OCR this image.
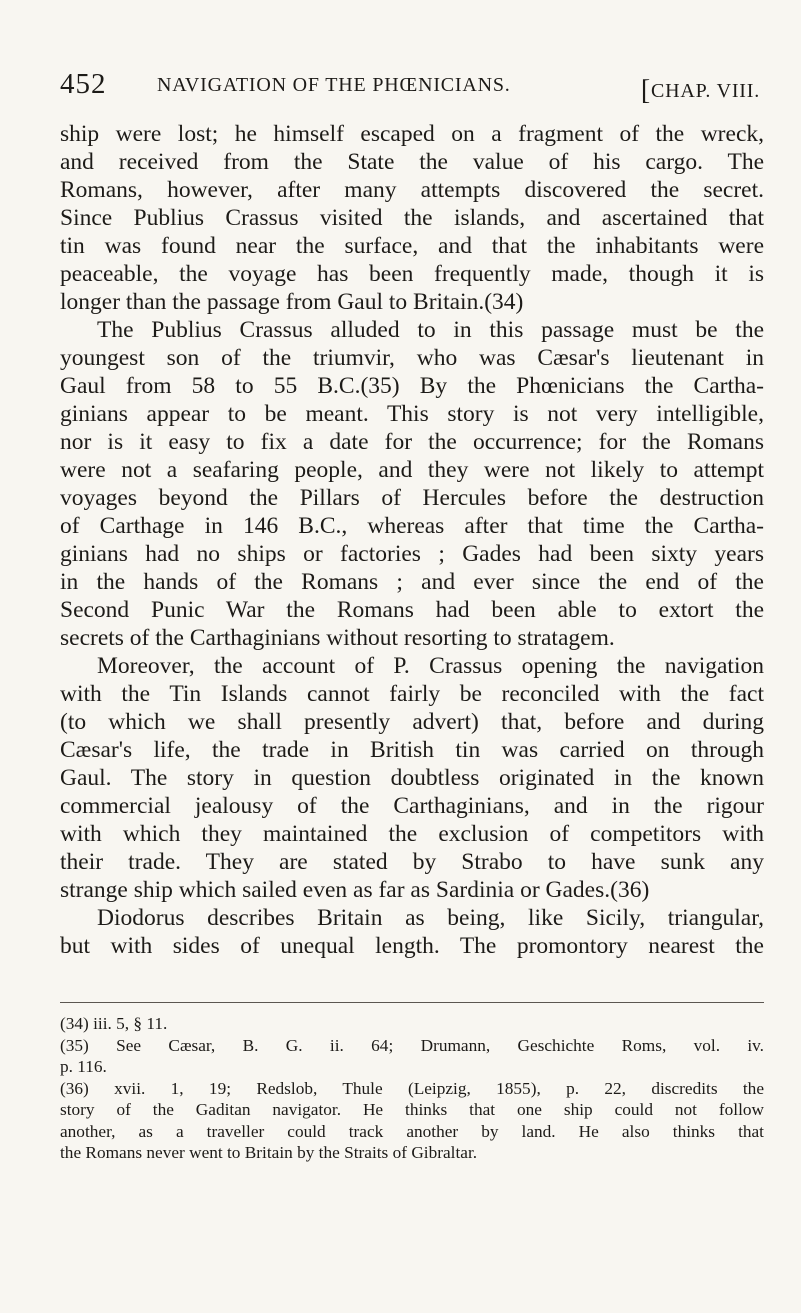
452	NAVIGATION OF THE PHŒNICIANS.	[CHAP. VIII.
ship were lost; he himself escaped on a fragment of the wreck,
and received from the State the value of his cargo. The
Romans, however, after many attempts discovered the secret.
Since Publius Crassus visited the islands, and ascertained that
tin was found near the surface, and that the inhabitants were
peaceable, the voyage has been frequently made, though it is
longer than the passage from Gaul to Britain.(34)
The Publius Crassus alluded to in this passage must be the
youngest son of the triumvir, who was Cæsar's lieutenant in
Gaul from 58 to 55 B.C.(35) By the Phœnicians the Cartha-
ginians appear to be meant. This story is not very intelligible,
nor is it easy to fix a date for the occurrence; for the Romans
were not a seafaring people, and they were not likely to attempt
voyages beyond the Pillars of Hercules before the destruction
of Carthage in 146 B.C., whereas after that time the Cartha-
ginians had no ships or factories ; Gades had been sixty years
in the hands of the Romans ; and ever since the end of the
Second Punic War the Romans had been able to extort the
secrets of the Carthaginians without resorting to stratagem.
Moreover, the account of P. Crassus opening the navigation
with the Tin Islands cannot fairly be reconciled with the fact
(to which we shall presently advert) that, before and during
Cæsar's life, the trade in British tin was carried on through
Gaul. The story in question doubtless originated in the known
commercial jealousy of the Carthaginians, and in the rigour
with which they maintained the exclusion of competitors with
their trade. They are stated by Strabo to have sunk any
strange ship which sailed even as far as Sardinia or Gades.(36)
Diodorus describes Britain as being, like Sicily, triangular,
but with sides of unequal length. The promontory nearest the
(34) iii. 5, § 11.
(35) See Cæsar, B. G. ii. 64; Drumann, Geschichte Roms, vol. iv.
p. 116.
(36) xvii. 1, 19; Redslob, Thule (Leipzig, 1855), p. 22, discredits the
story of the Gaditan navigator. He thinks that one ship could not follow
another, as a traveller could track another by land. He also thinks that
the Romans never went to Britain by the Straits of Gibraltar.
